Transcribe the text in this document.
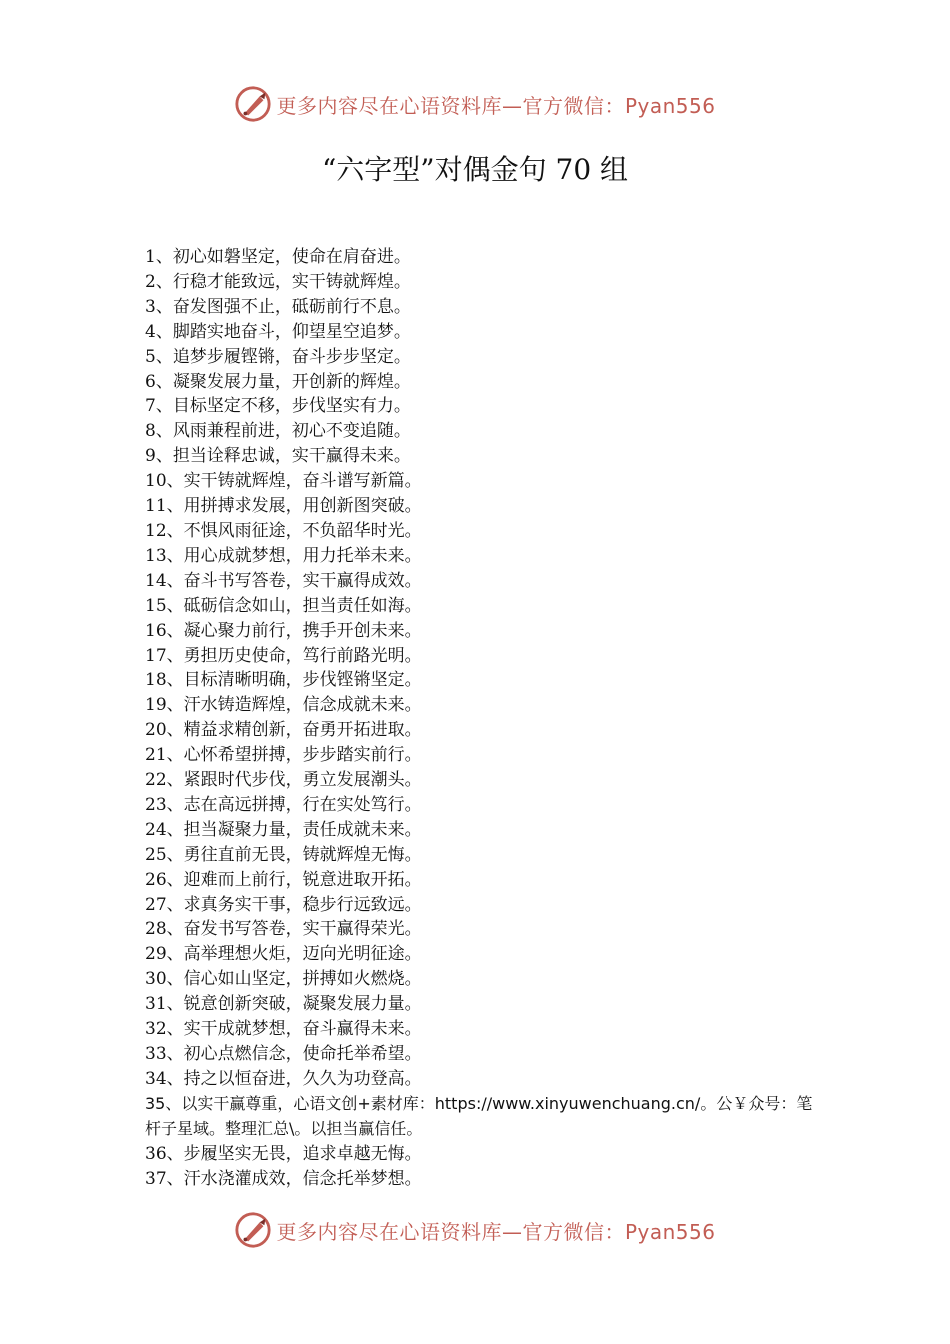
更多内容尽在心语资料库—官方微信：Pyan556
“六字型”对偶金句 70 组

1、初心如磐坚定，使命在肩奋进。

2、行稳才能致远，实干铸就辉煌。

3、奋发图强不止，砥砺前行不息。

4、脚踏实地奋斗，仰望星空追梦。

5、追梦步履铿锵，奋斗步步坚定。

6、凝聚发展力量，开创新的辉煌。

7、目标坚定不移，步伐坚实有力。

8、风雨兼程前进，初心不变追随。

9、担当诠释忠诚，实干赢得未来。

10、实干铸就辉煌，奋斗谱写新篇。

11、用拼搏求发展，用创新图突破。

12、不惧风雨征途，不负韶华时光。

13、用心成就梦想，用力托举未来。

14、奋斗书写答卷，实干赢得成效。

15、砥砺信念如山，担当责任如海。

16、凝心聚力前行，携手开创未来。

17、勇担历史使命，笃行前路光明。

18、目标清晰明确，步伐铿锵坚定。

19、汗水铸造辉煌，信念成就未来。

20、精益求精创新，奋勇开拓进取。

21、心怀希望拼搏，步步踏实前行。

22、紧跟时代步伐，勇立发展潮头。

23、志在高远拼搏，行在实处笃行。

24、担当凝聚力量，责任成就未来。

25、勇往直前无畏，铸就辉煌无悔。

26、迎难而上前行，锐意进取开拓。

27、求真务实干事，稳步行远致远。

28、奋发书写答卷，实干赢得荣光。

29、高举理想火炬，迈向光明征途。

30、信心如山坚定，拼搏如火燃烧。

31、锐意创新突破，凝聚发展力量。

32、实干成就梦想，奋斗赢得未来。

33、初心点燃信念，使命托举希望。

34、持之以恒奋进，久久为功登高。

35、以实干赢尊重，心语文创+素材库：https://www.xinyuwenchuang.cn/。公￥众号：笔杆子星域。整理汇总\。以担当赢信任。

36、步履坚实无畏，追求卓越无悔。

37、汗水浇灌成效，信念托举梦想。

更多内容尽在心语资料库—官方微信：Pyan556
